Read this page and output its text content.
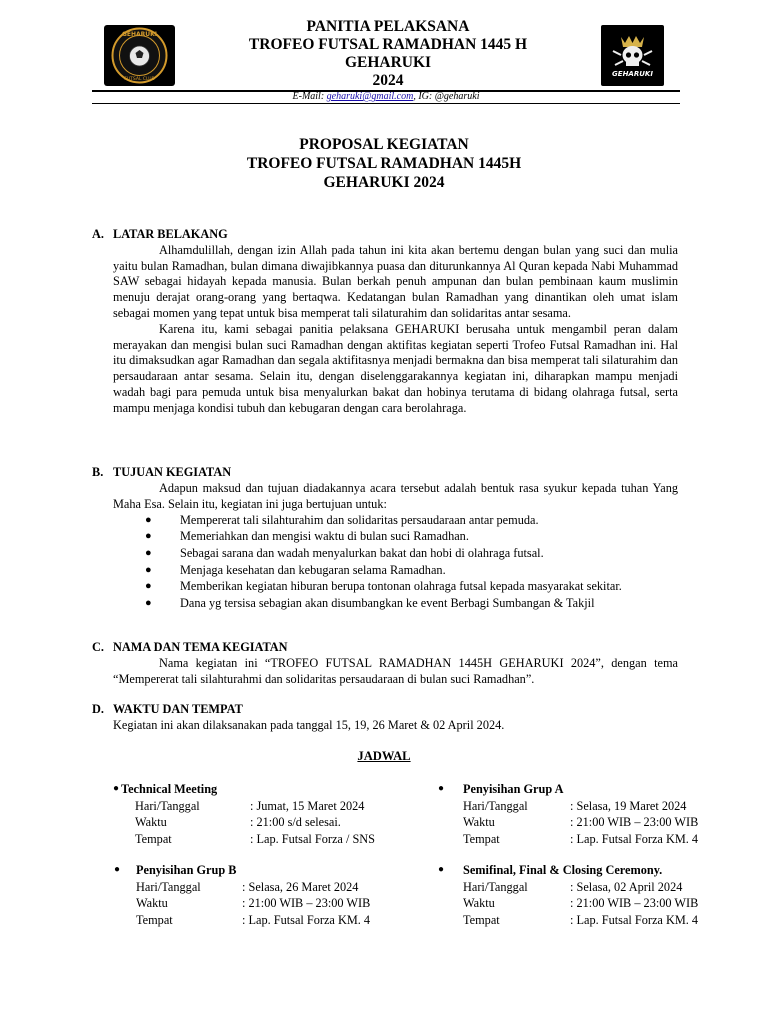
GEHARUKI
FUTSAL CLUB
PANITIA PELAKSANA
TROFEO FUTSAL RAMADHAN 1445 H
GEHARUKI
2024	GEHARUKI
E-Mail: geharuki@gmail.com, IG: @geharuki
PROPOSAL KEGIATAN
TROFEO FUTSAL RAMADHAN 1445H
GEHARUKI 2024
A. LATAR BELAKANG

Alhamdulillah, dengan izin Allah pada tahun ini kita akan bertemu dengan bulan yang suci dan mulia yaitu bulan Ramadhan, bulan dimana diwajibkannya puasa dan diturunkannya Al Quran kepada Nabi Muhammad SAW sebagai hidayah kepada manusia. Bulan berkah penuh ampunan dan bulan pembinaan kaum muslimin menuju derajat orang-orang yang bertaqwa. Kedatangan bulan Ramadhan yang dinantikan oleh umat islam sebagai momen yang tepat untuk bisa memperat tali silaturahim dan solidaritas antar sesama.

Karena itu, kami sebagai panitia pelaksana GEHARUKI berusaha untuk mengambil peran dalam merayakan dan mengisi bulan suci Ramadhan dengan aktifitas kegiatan seperti Trofeo Futsal Ramadhan ini. Hal itu dimaksudkan agar Ramadhan dan segala aktifitasnya menjadi bermakna dan bisa memperat tali silaturahim dan persaudaraan antar sesama. Selain itu, dengan diselenggarakannya kegiatan ini, diharapkan mampu menjadi wadah bagi para pemuda untuk bisa menyalurkan bakat dan hobinya terutama di bidang olahraga futsal, serta mampu menjaga kondisi tubuh dan kebugaran dengan cara berolahraga.

B. TUJUAN KEGIATAN

Adapun maksud dan tujuan diadakannya acara tersebut adalah bentuk rasa syukur kepada tuhan Yang Maha Esa. Selain itu, kegiatan ini juga bertujuan untuk:

●	Mempererat tali silahturahim dan solidaritas persaudaraan antar pemuda.
●	Memeriahkan dan mengisi waktu di bulan suci Ramadhan.
●	Sebagai sarana dan wadah menyalurkan bakat dan hobi di olahraga futsal.
●	Menjaga kesehatan dan kebugaran selama Ramadhan.
●	Memberikan kegiatan hiburan berupa tontonan olahraga futsal kepada masyarakat sekitar.
●	Dana yg tersisa sebagian akan disumbangkan ke event Berbagi Sumbangan & Takjil
C. NAMA DAN TEMA KEGIATAN

Nama kegiatan ini “TROFEO FUTSAL RAMADHAN 1445H GEHARUKI 2024”, dengan tema “Mempererat tali silahturahmi dan solidaritas persaudaraan di bulan suci Ramadhan”.

D. WAKTU DAN TEMPAT

Kegiatan ini akan dilaksanakan pada tanggal 15, 19, 26 Maret & 02 April 2024.

JADWAL
● Technical Meeting
Hari/Tanggal	: Jumat, 15 Maret 2024
Waktu	: 21:00 s/d selesai.
Tempat	: Lap. Futsal Forza / SNS
●	Penyisihan Grup A
Hari/Tanggal	: Selasa, 19 Maret 2024
Waktu	: 21:00 WIB – 23:00 WIB
Tempat	: Lap. Futsal Forza KM. 4
●	Penyisihan Grup B
Hari/Tanggal	: Selasa, 26 Maret 2024
Waktu	: 21:00 WIB – 23:00 WIB
Tempat	: Lap. Futsal Forza KM. 4
●	Semifinal, Final & Closing Ceremony.
Hari/Tanggal	: Selasa, 02 April 2024
Waktu	: 21:00 WIB – 23:00 WIB
Tempat	: Lap. Futsal Forza KM. 4
